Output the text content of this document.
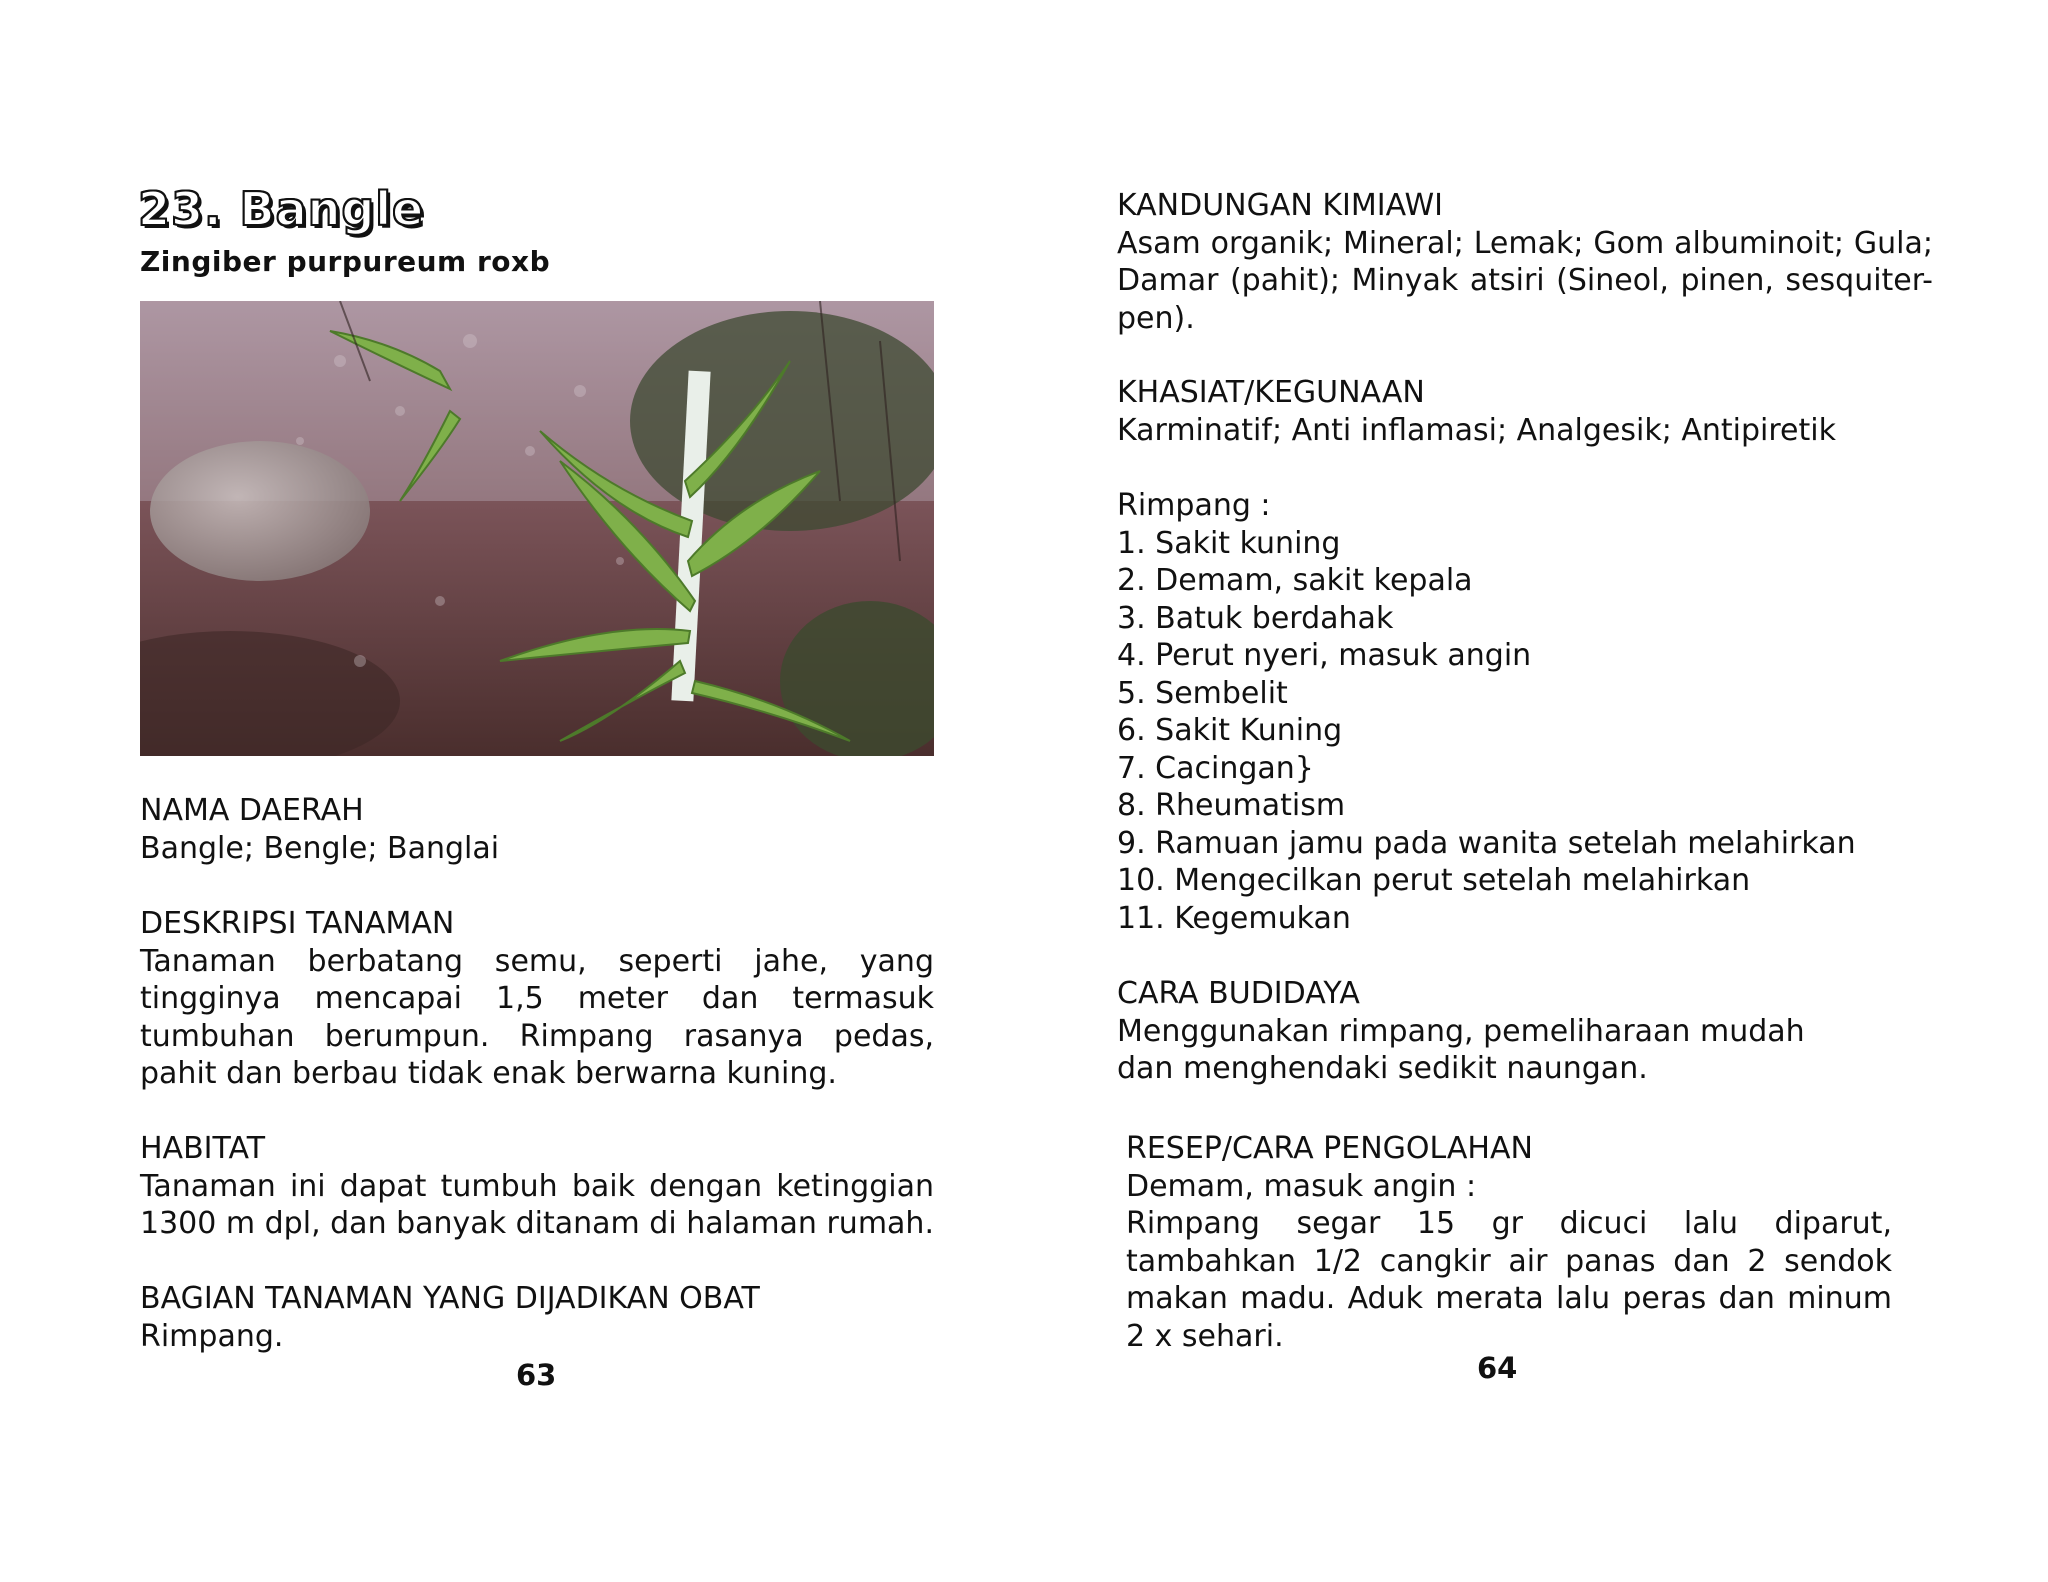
23. Bangle

Zingiber purpureum roxb

NAMA DAERAH

Bangle; Bengle; Banglai

DESKRIPSI TANAMAN

Tanaman berbatang semu, seperti jahe, yang tingginya mencapai 1,5 meter dan termasuk tumbuhan berumpun. Rimpang rasanya pedas, pahit dan berbau tidak enak berwarna kuning.

HABITAT

Tanaman ini dapat tumbuh baik dengan ketinggian 1300 m dpl, dan banyak ditanam di halaman rumah.

BAGIAN TANAMAN YANG DIJADIKAN OBAT

Rimpang.

63

KANDUNGAN KIMIAWI

Asam organik; Mineral; Lemak; Gom albuminoit; Gula; Damar (pahit); Minyak atsiri (Sineol, pinen, sesquiter-pen).

KHASIAT/KEGUNAAN

Karminatif; Anti inflamasi; Analgesik; Antipiretik

Rimpang :

1. Sakit kuning
2. Demam, sakit kepala
3. Batuk berdahak
4. Perut nyeri, masuk angin
5. Sembelit
6. Sakit Kuning
7. Cacingan}
8. Rheumatism
9. Ramuan jamu pada wanita setelah melahirkan
10. Mengecilkan perut setelah melahirkan
11. Kegemukan

CARA BUDIDAYA

Menggunakan rimpang, pemeliharaan mudah dan menghendaki sedikit naungan.

RESEP/CARA PENGOLAHAN

Demam, masuk angin :

Rimpang segar 15 gr dicuci lalu diparut, tambahkan 1/2 cangkir air panas dan 2 sendok makan madu. Aduk merata lalu peras dan minum 2 x sehari.

64
